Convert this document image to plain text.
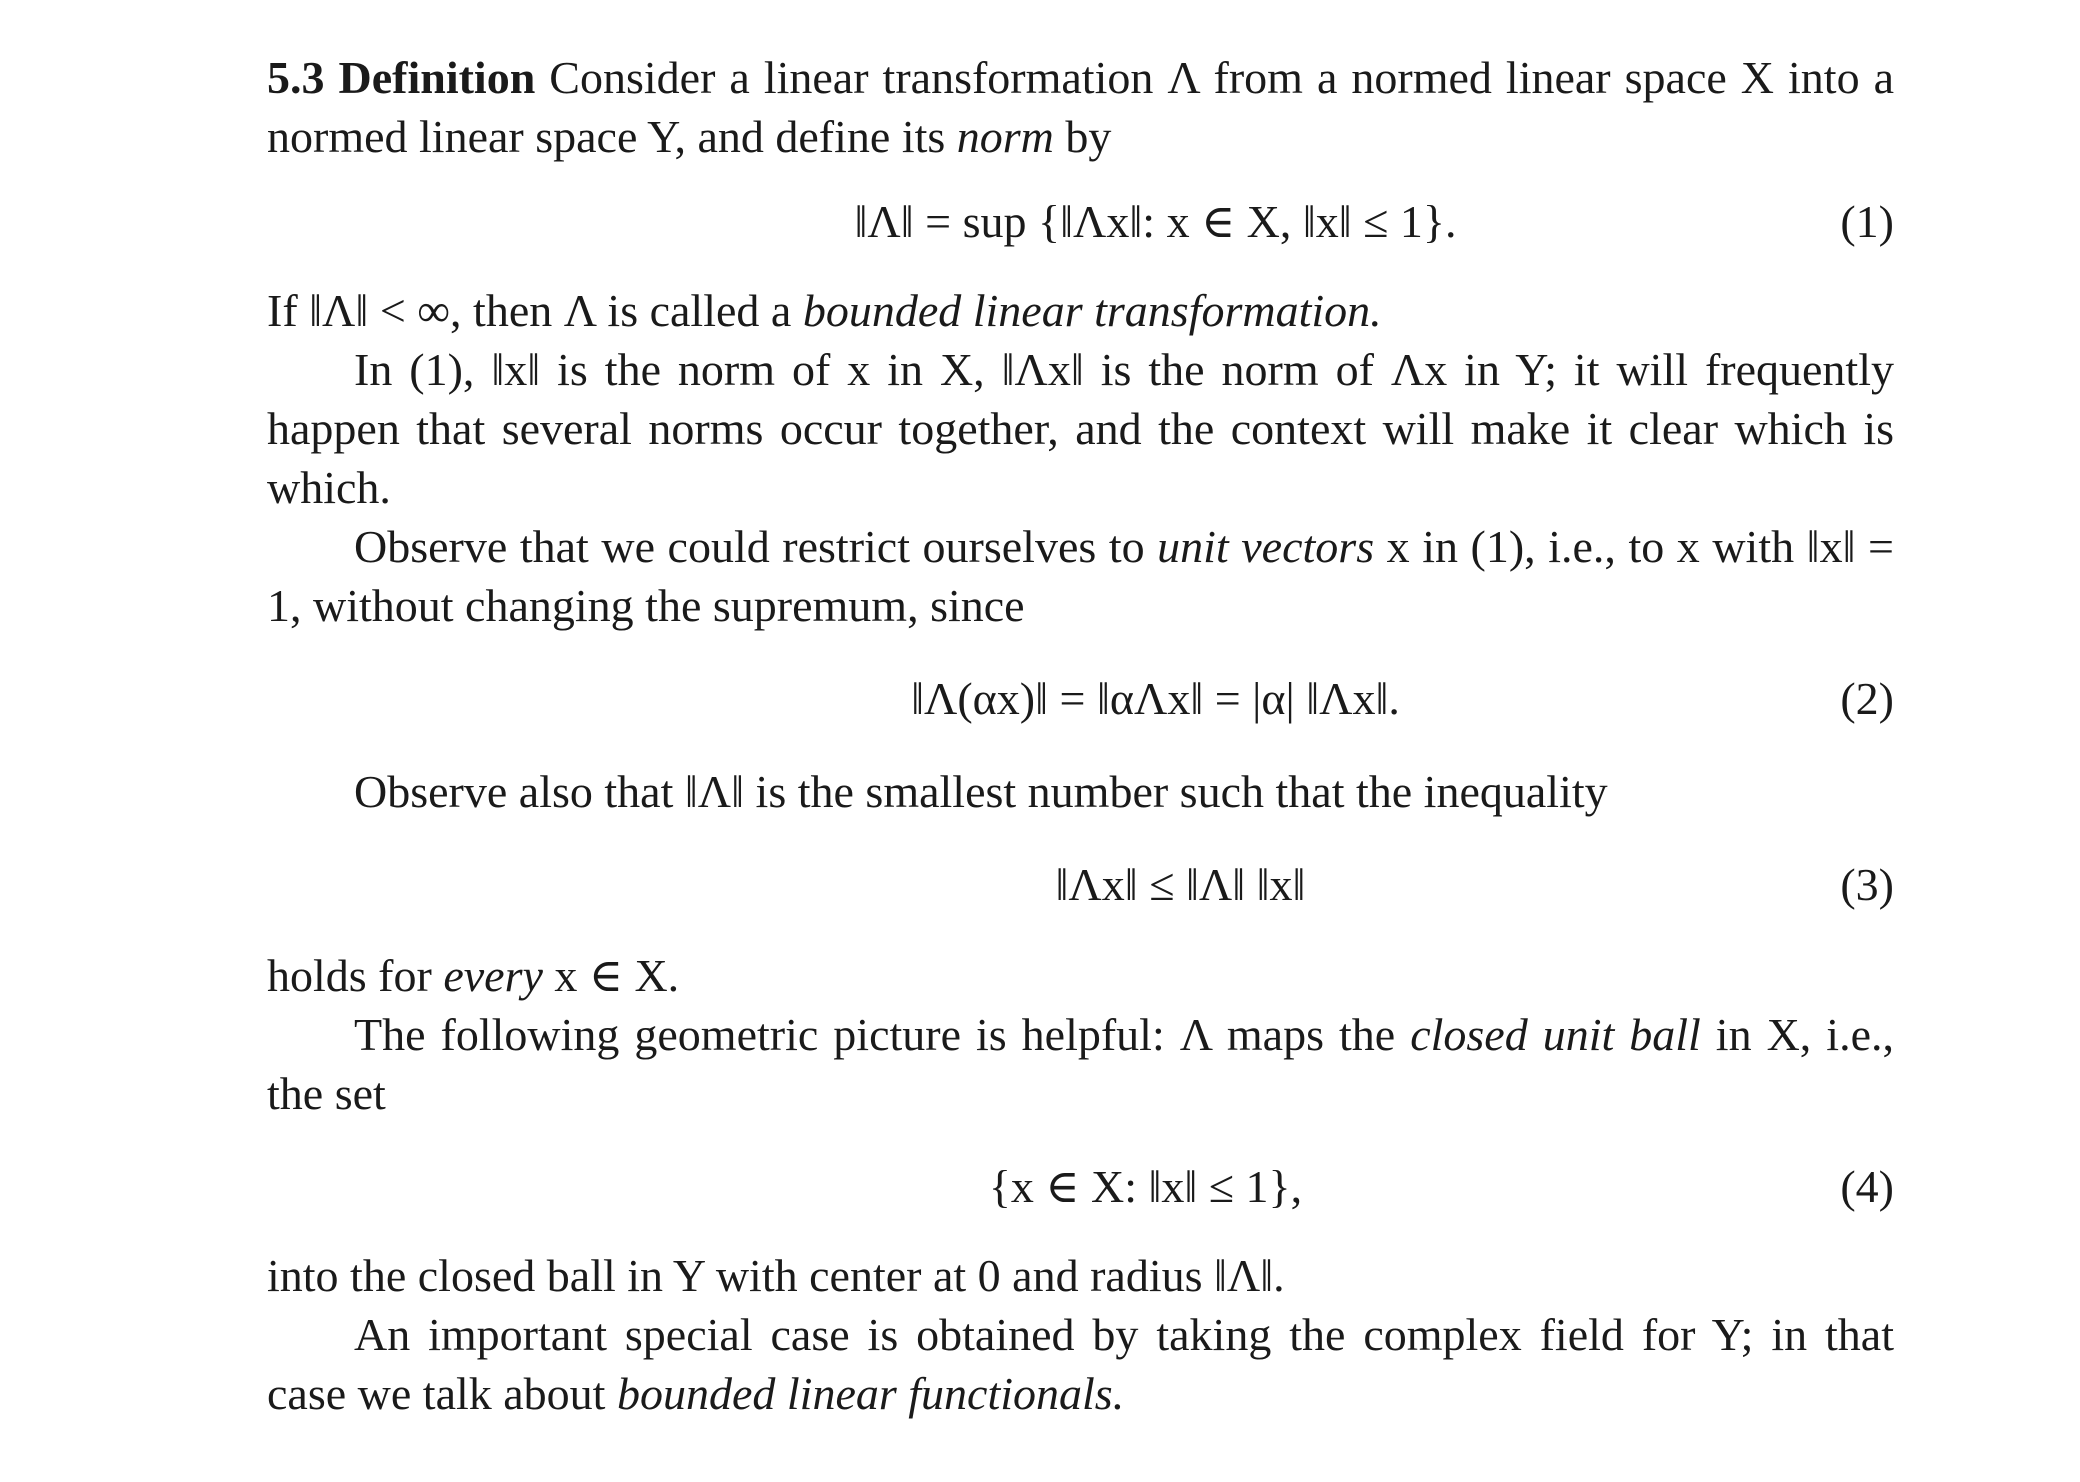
5.3 Definition Consider a linear transformation Λ from a normed linear space X into a normed linear space Y, and define its norm by

‖Λ‖ = sup {‖Λx‖: x ∈ X, ‖x‖ ≤ 1}.	(1)

If ‖Λ‖ < ∞, then Λ is called a bounded linear transformation.

In (1), ‖x‖ is the norm of x in X, ‖Λx‖ is the norm of Λx in Y; it will frequently happen that several norms occur together, and the context will make it clear which is which.

Observe that we could restrict ourselves to unit vectors x in (1), i.e., to x with ‖x‖ = 1, without changing the supremum, since

‖Λ(αx)‖ = ‖αΛx‖ = |α| ‖Λx‖.	(2)

Observe also that ‖Λ‖ is the smallest number such that the inequality

‖Λx‖ ≤ ‖Λ‖ ‖x‖	(3)

holds for every x ∈ X.

The following geometric picture is helpful: Λ maps the closed unit ball in X, i.e., the set

{x ∈ X: ‖x‖ ≤ 1},	(4)

into the closed ball in Y with center at 0 and radius ‖Λ‖.

An important special case is obtained by taking the complex field for Y; in that case we talk about bounded linear functionals.
